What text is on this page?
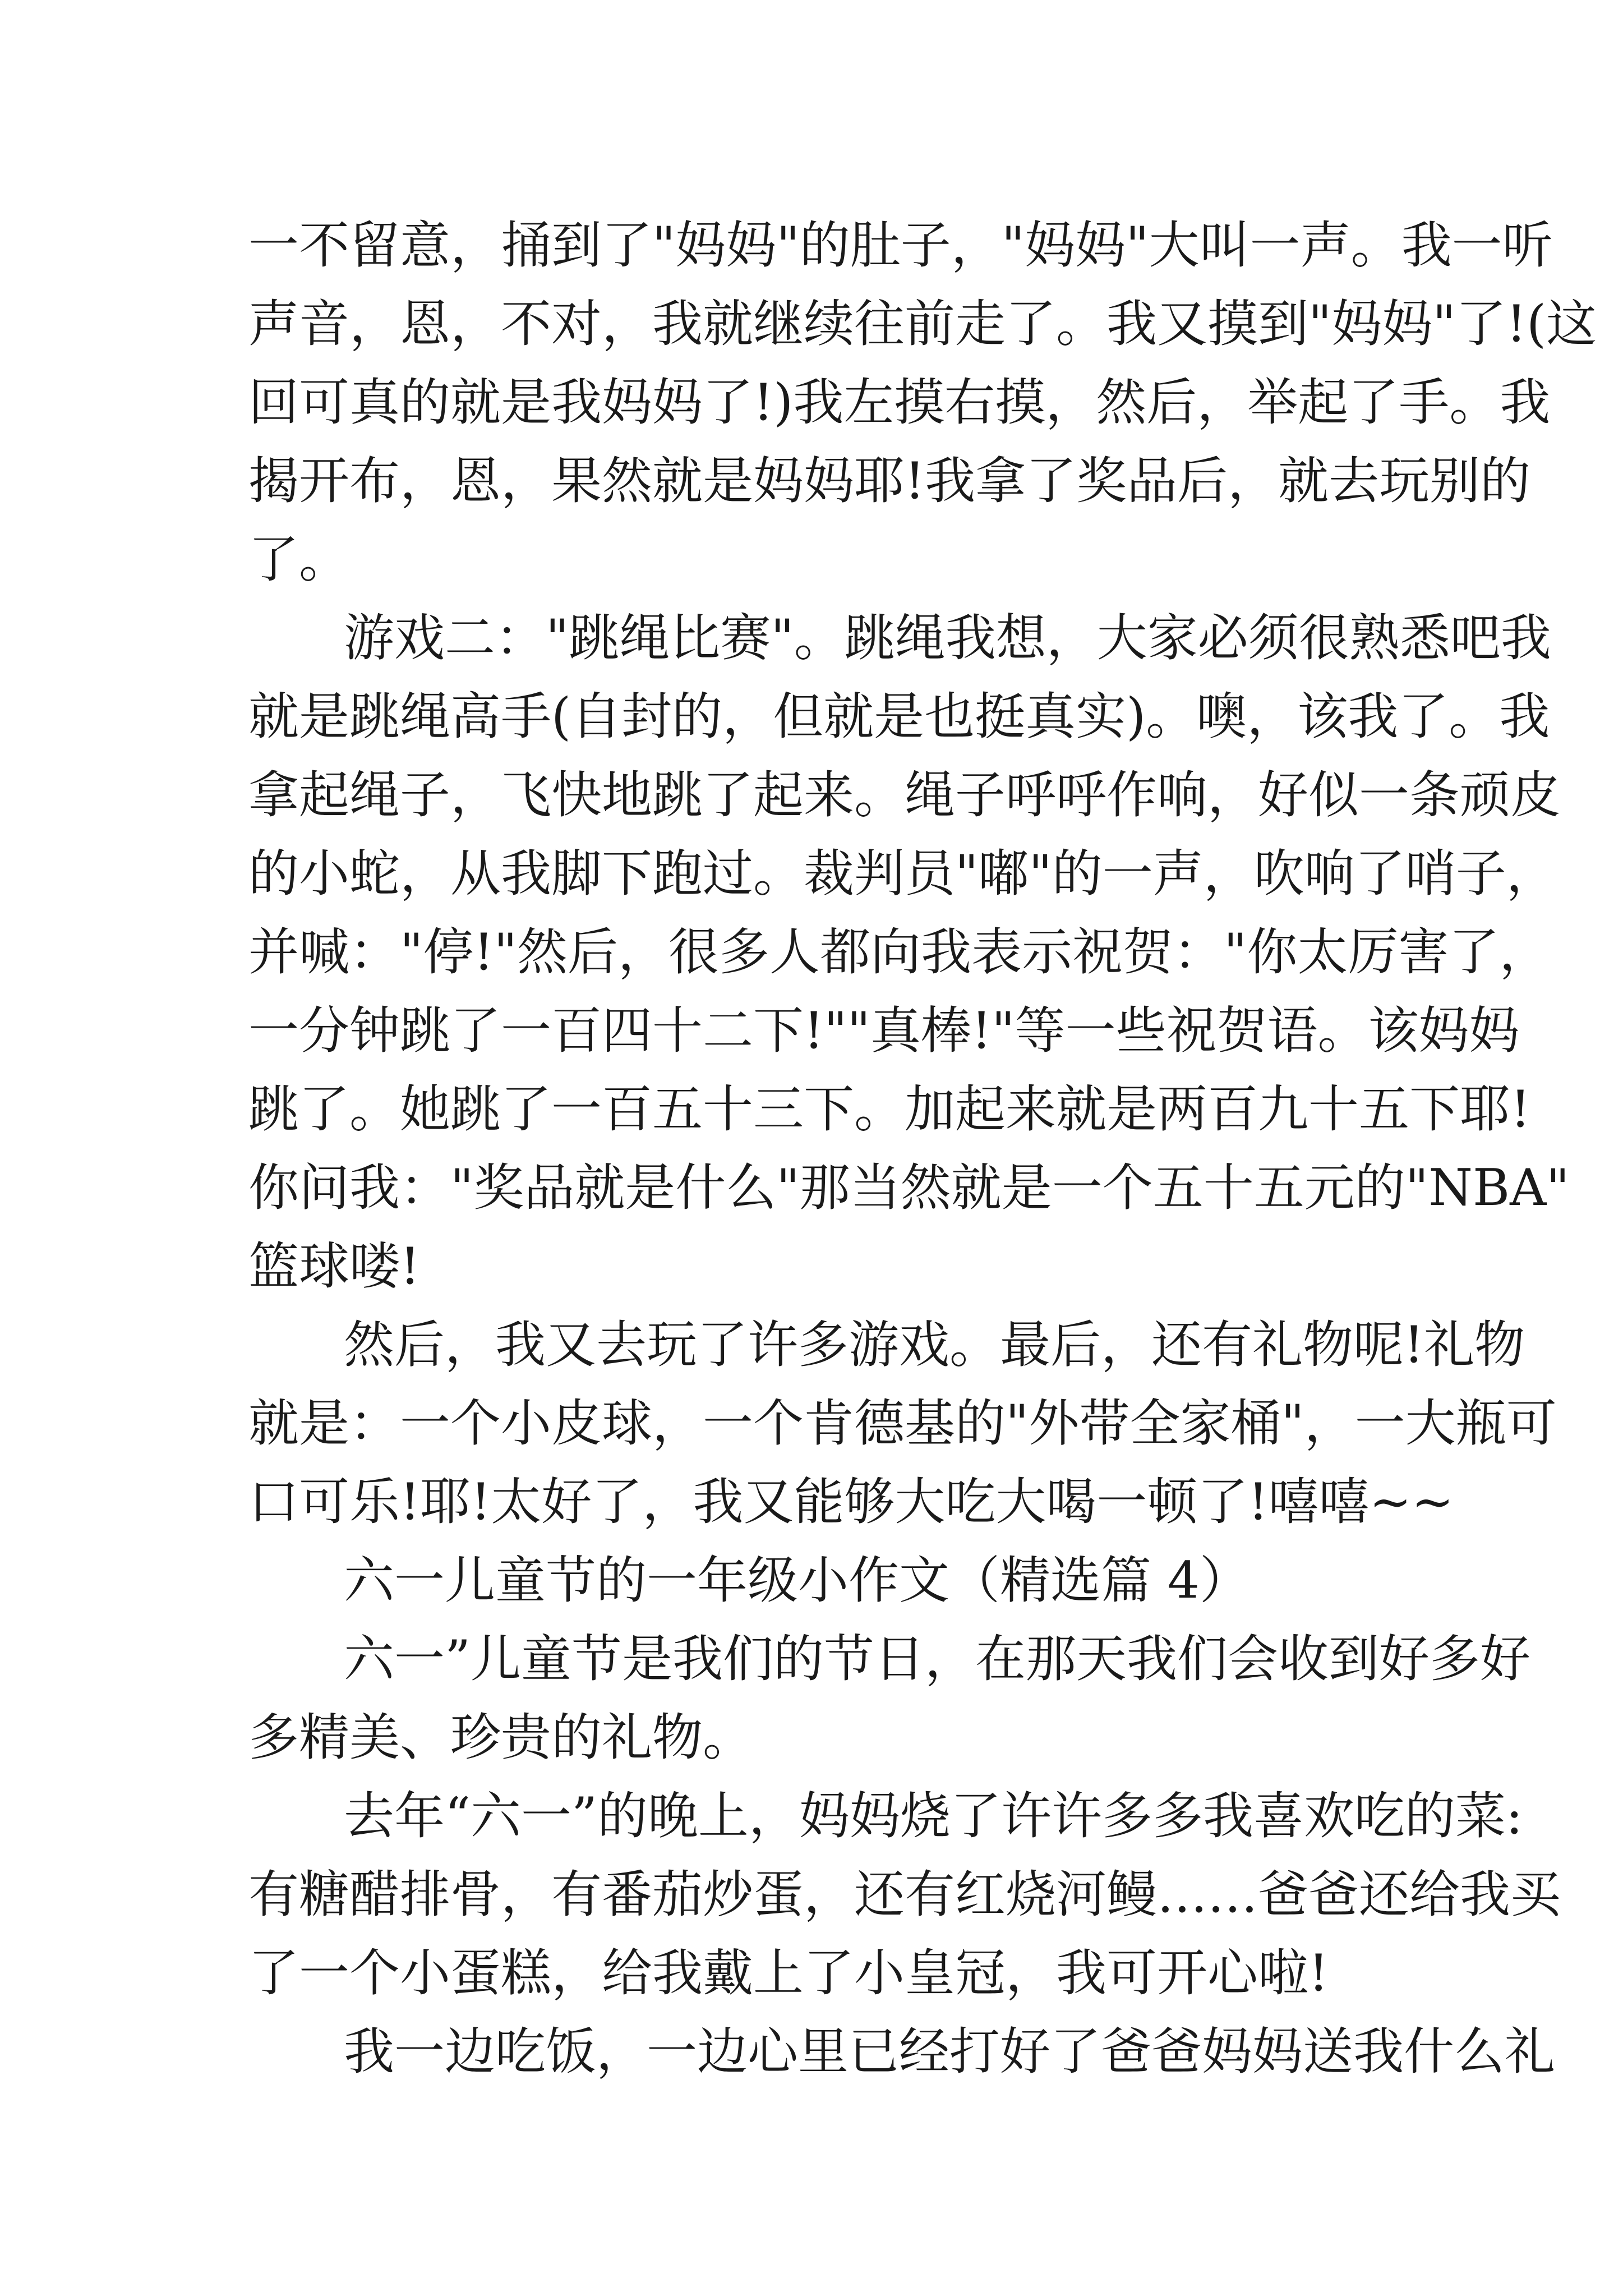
一不留意，捅到了"妈妈"的肚子，"妈妈"大叫一声。我一听
声音，恩，不对，我就继续往前走了。我又摸到"妈妈"了!(这
回可真的就是我妈妈了!)我左摸右摸，然后，举起了手。我
揭开布，恩，果然就是妈妈耶!我拿了奖品后，就去玩别的
了。
游戏二："跳绳比赛"。跳绳我想，大家必须很熟悉吧我
就是跳绳高手(自封的，但就是也挺真实)。噢，该我了。我
拿起绳子，飞快地跳了起来。绳子呼呼作响，好似一条顽皮
的小蛇，从我脚下跑过。裁判员"嘟"的一声，吹响了哨子，
并喊："停!"然后，很多人都向我表示祝贺："你太厉害了，
一分钟跳了一百四十二下!""真棒!"等一些祝贺语。该妈妈
跳了。她跳了一百五十三下。加起来就是两百九十五下耶!
你问我："奖品就是什么"那当然就是一个五十五元的"NBA"
篮球喽!
然后，我又去玩了许多游戏。最后，还有礼物呢!礼物
就是：一个小皮球，一个肯德基的"外带全家桶"，一大瓶可
口可乐!耶!太好了，我又能够大吃大喝一顿了!嘻嘻~~
六一儿童节的一年级小作文（精选篇 4）
六一”儿童节是我们的节日，在那天我们会收到好多好
多精美、珍贵的礼物。
去年“六一”的晚上，妈妈烧了许许多多我喜欢吃的菜:
有糖醋排骨，有番茄炒蛋，还有红烧河鳗……爸爸还给我买
了一个小蛋糕，给我戴上了小皇冠，我可开心啦!
我一边吃饭，一边心里已经打好了爸爸妈妈送我什么礼
